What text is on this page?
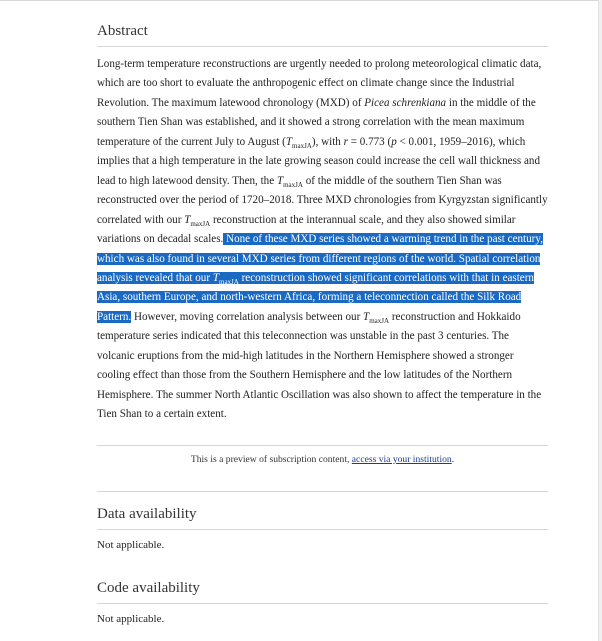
Abstract

Long-term temperature reconstructions are urgently needed to prolong meteorological climatic data, which are too short to evaluate the anthropogenic effect on climate change since the Industrial Revolution. The maximum latewood chronology (MXD) of Picea schrenkiana in the middle of the southern Tien Shan was established, and it showed a strong correlation with the mean maximum temperature of the current July to August $(T_{maxJA})$, with r = 0.773 (p < 0.001, 1959–2016), which implies that a high temperature in the late growing season could increase the cell wall thickness and lead to high latewood density. Then, the $T_{maxJA}$ of the middle of the southern Tien Shan was reconstructed over the period of 1720–2018. Three MXD chronologies from Kyrgyzstan significantly correlated with our $T_{maxJA}$ reconstruction at the interannual scale, and they also showed similar variations on decadal scales. None of these MXD series showed a warming trend in the past century, which was also found in several MXD series from different regions of the world. Spatial correlation analysis revealed that our $T_{maxJA}$ reconstruction showed significant correlations with that in eastern Asia, southern Europe, and north-western Africa, forming a teleconnection called the Silk Road Pattern. However, moving correlation analysis between our $T_{maxJA}$ reconstruction and Hokkaido temperature series indicated that this teleconnection was unstable in the past 3 centuries. The volcanic eruptions from the mid-high latitudes in the Northern Hemisphere showed a stronger cooling effect than those from the Southern Hemisphere and the low latitudes of the Northern Hemisphere. The summer North Atlantic Oscillation was also shown to affect the temperature in the Tien Shan to a certain extent.

This is a preview of subscription content, access via your institution.
Data availability
Not applicable.
Code availability
Not applicable.
